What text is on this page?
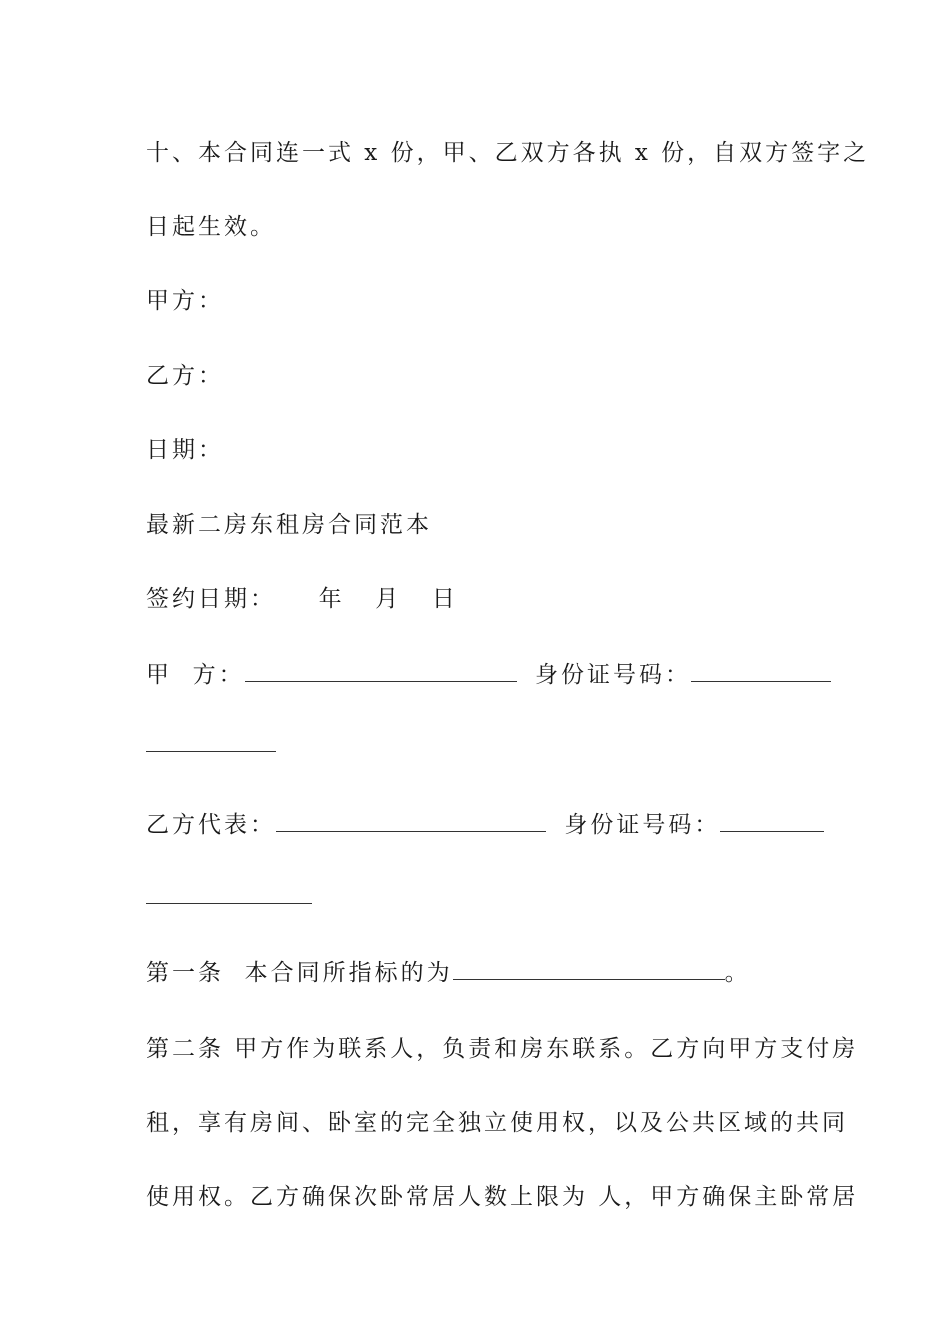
十、本合同连一式 x 份，甲、乙双方各执 x 份，自双方签字之
日起生效。
甲方：
乙方：
日期：
最新二房东租房合同范本
签约日期： 年 月 日
甲  方：	身份证号码：
乙方代表：	身份证号码：
第一条  本合同所指标的为	。
第二条 甲方作为联系人，负责和房东联系。乙方向甲方支付房
租，享有房间、卧室的完全独立使用权，以及公共区域的共同
使用权。乙方确保次卧常居人数上限为 人，甲方确保主卧常居
